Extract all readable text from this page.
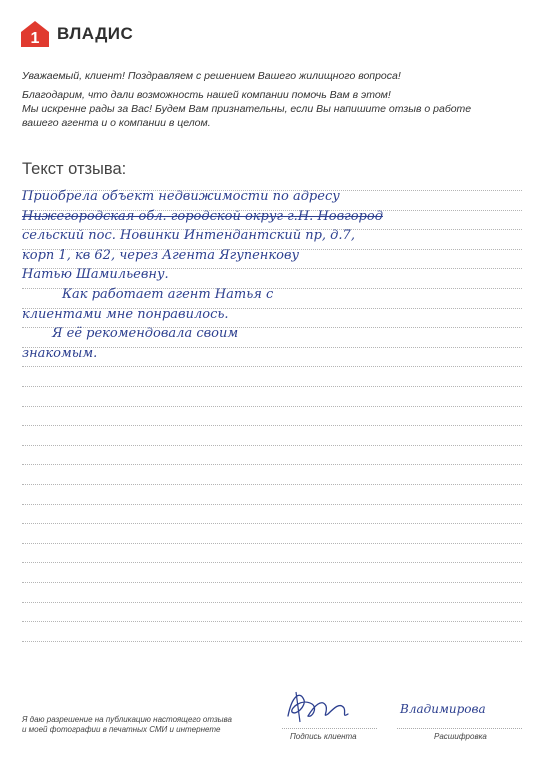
1 ВЛАДИС

Уважаемый, клиент! Поздравляем с решением Вашего жилищного вопроса!

Благодарим, что дали возможность нашей компании помочь Вам в этом!

Мы искренне рады за Вас! Будем Вам признательны, если Вы напишите отзыв о работе

вашего агента и о компании в целом.

Текст отзыва:
Приобрела объект недвижимости по адресу
Нижегородская обл. городской округ г.Н. Новгород
сельский пос. Новинки Интендантский пр, д.7,
корп 1, кв 62, через Агента Ягупенкову
Натью Шамильевну.
Как работает агент Натья с
клиентами мне понравилось.
Я её рекомендовала своим
знакомым.

Я даю разрешение на публикацию настоящего отзыва

и моей фотографии в печатных СМИ и интернете

Подпись клиента
Владимирова
Расшифровка
